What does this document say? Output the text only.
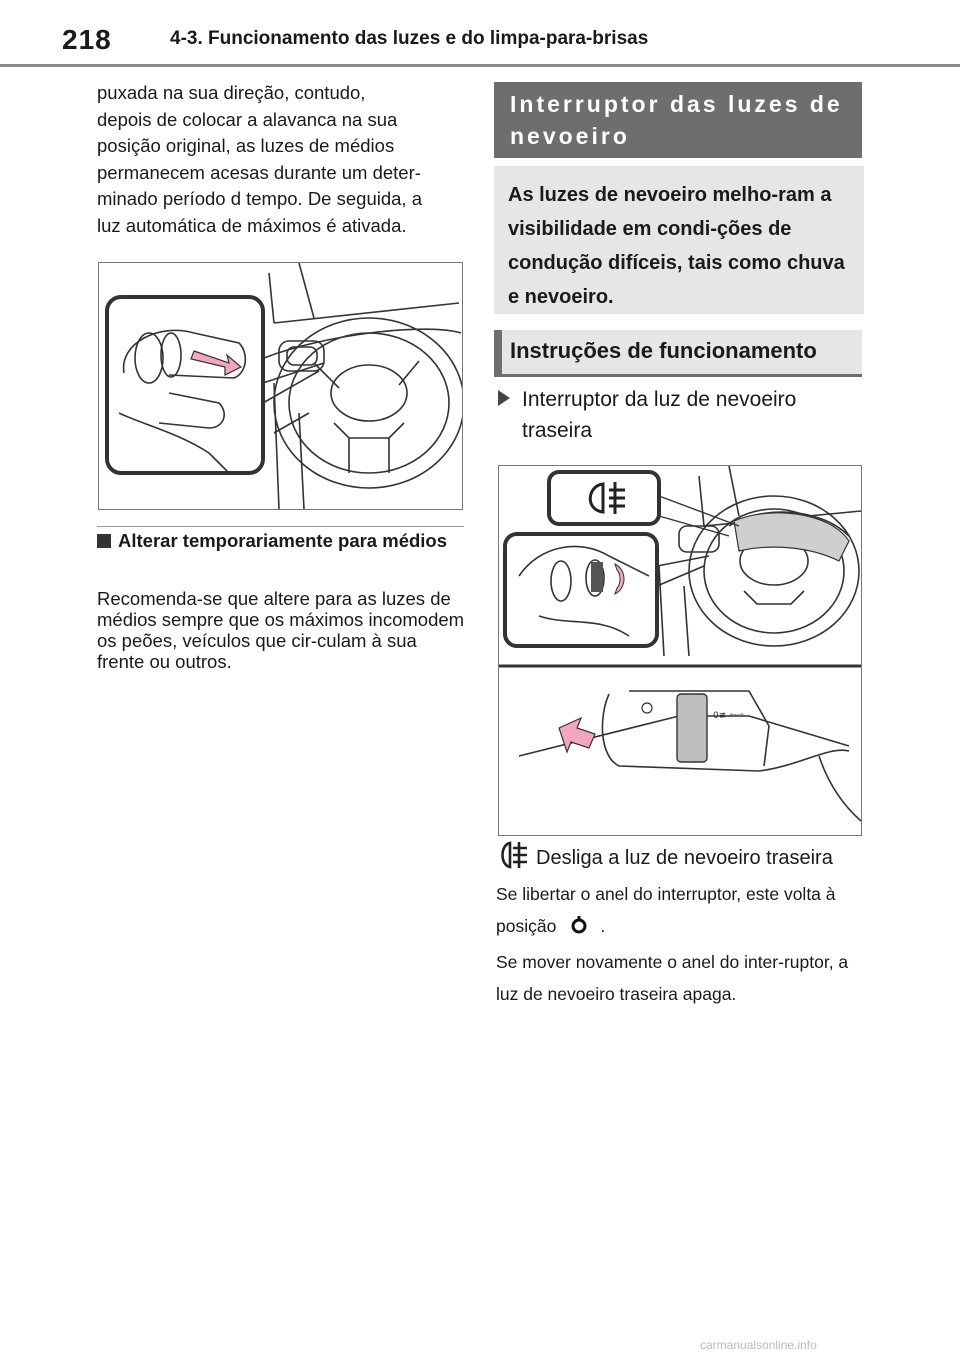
218	4-3. Funcionamento das luzes e do limpa-para-brisas
puxada na sua direção, contudo,
depois de colocar a alavanca na sua
posição original, as luzes de médios
permanecem acesas durante um deter-
minado período d tempo. De seguida, a
luz automática de máximos é ativada.
Alterar temporariamente para médios
Recomenda-se que altere para as luzes de médios sempre que os máximos incomodem os peões, veículos que cir-culam à sua frente ou outros.
Interruptor das luzes de nevoeiro
As luzes de nevoeiro melho-ram a visibilidade em condi-ções de condução difíceis, tais como chuva e nevoeiro.
Instruções de funcionamento
Interruptor da luz de nevoeiro traseira
0≢ ⇦⇨
Desliga a luz de nevoeiro traseira
Se libertar o anel do interruptor, este volta à posição	.
Se mover novamente o anel do inter-ruptor, a luz de nevoeiro traseira apaga.
carmanualsonline.info
